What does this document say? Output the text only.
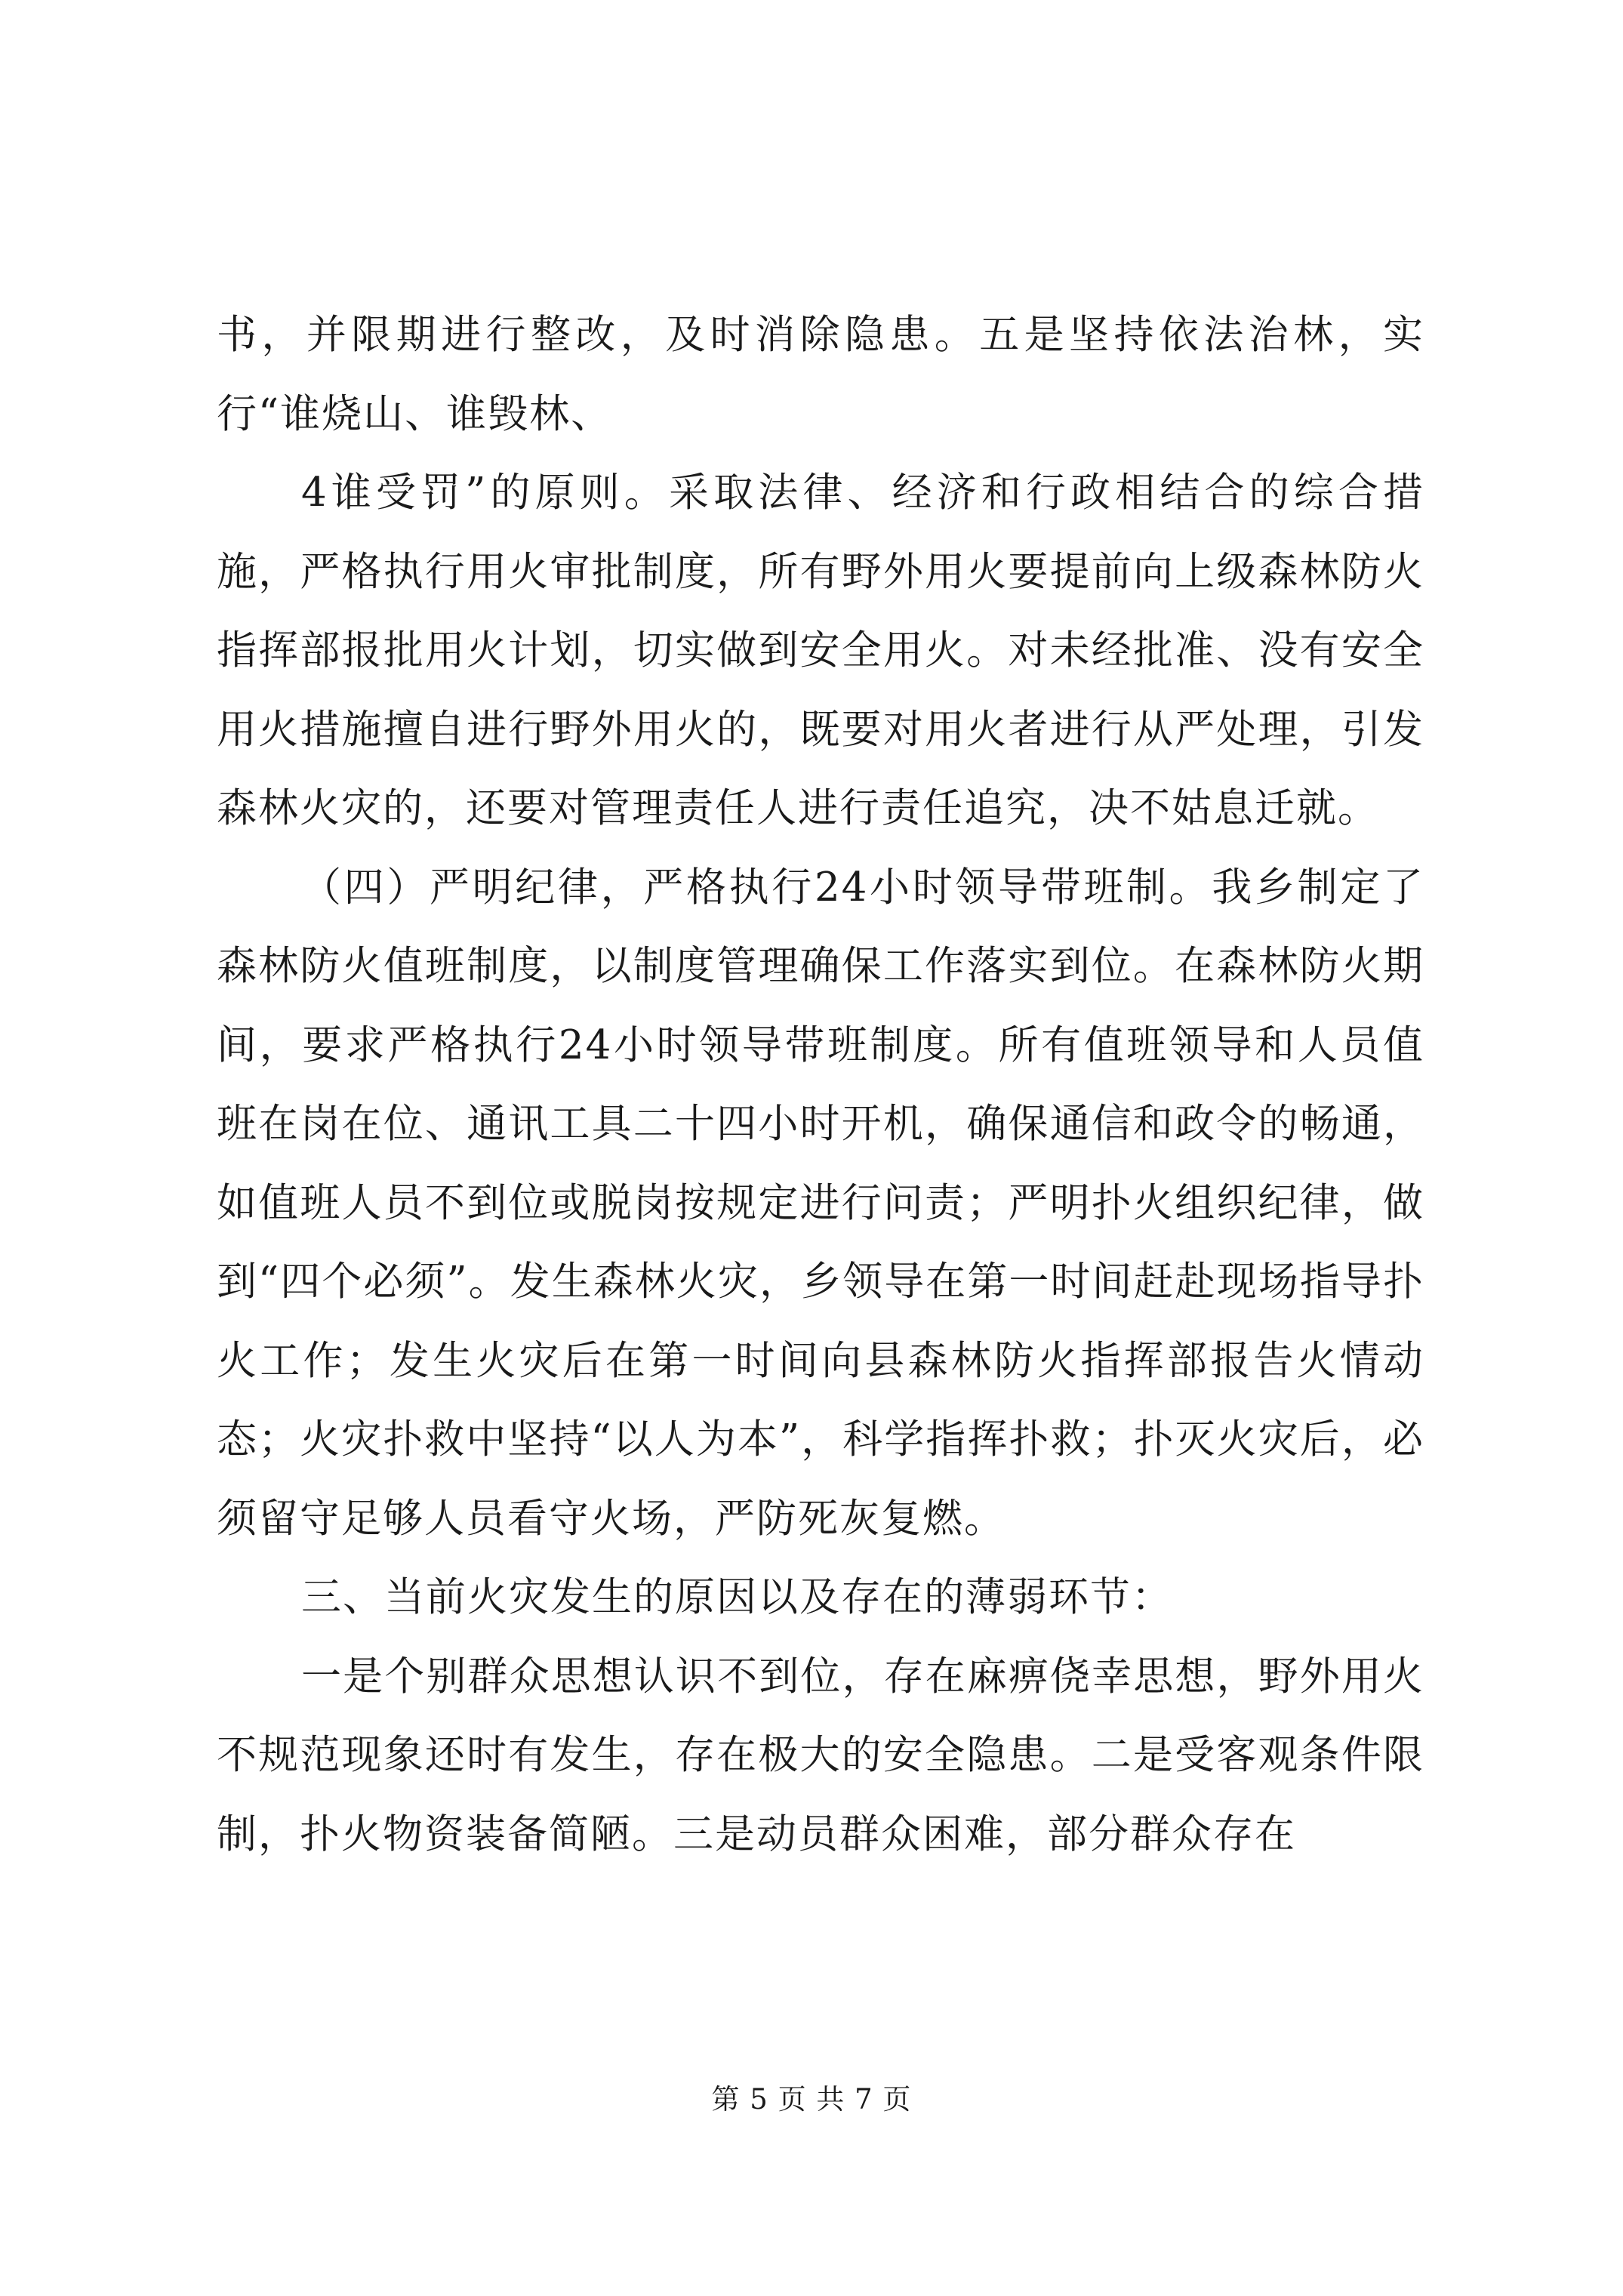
书，并限期进行整改，及时消除隐患。五是坚持依法治林，实行“谁烧山、谁毁林、

4谁受罚”的原则。采取法律、经济和行政相结合的综合措施，严格执行用火审批制度，所有野外用火要提前向上级森林防火指挥部报批用火计划，切实做到安全用火。对未经批准、没有安全用火措施擅自进行野外用火的，既要对用火者进行从严处理，引发森林火灾的，还要对管理责任人进行责任追究，决不姑息迁就。

（四）严明纪律，严格执行24小时领导带班制。我乡制定了森林防火值班制度，以制度管理确保工作落实到位。在森林防火期间，要求严格执行24小时领导带班制度。所有值班领导和人员值班在岗在位、通讯工具二十四小时开机，确保通信和政令的畅通，如值班人员不到位或脱岗按规定进行问责；严明扑火组织纪律，做到“四个必须”。发生森林火灾，乡领导在第一时间赶赴现场指导扑火工作；发生火灾后在第一时间向县森林防火指挥部报告火情动态；火灾扑救中坚持“以人为本”，科学指挥扑救；扑灭火灾后，必须留守足够人员看守火场，严防死灰复燃。

三、当前火灾发生的原因以及存在的薄弱环节：

一是个别群众思想认识不到位，存在麻痹侥幸思想，野外用火不规范现象还时有发生，存在极大的安全隐患。二是受客观条件限制，扑火物资装备简陋。三是动员群众困难，部分群众存在

第 5 页 共 7 页
